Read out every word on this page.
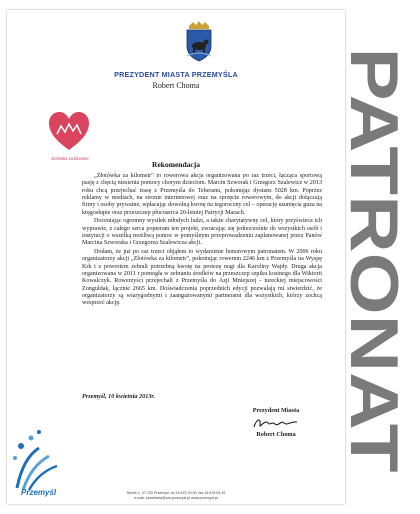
PREZYDENT MIASTA PRZEMYŚLA
Robert Choma
złotówka za kilometr
Rekomendacja

„Złotówka za kilometr" to rowerowa akcja organizowana po raz trzeci, łącząca sportową pasję z chęcią niesienia pomocy chorym dzieciom. Marcin Szworak i Grzegorz Szalewicz w 2013 roku chcą przejechać trasę z Przemyśla do Teheranu, pokonując dystans 5028 km. Poprzez reklamy w mediach, na stronie internetowej oraz na sprzęcie rowerowym, do akcji dołączają firmy i osoby prywatne, wpłacając dowolną kwotę na tegoroczny cel – operację usunięcia guza na kręgosłupie oraz przeszczep płucoserca 20-letniej Patrycji Marach.

Doceniając ogromny wysiłek młodych ludzi, a także charytatywny cel, który przyświeca ich wyprawie, z całego serca popieram ten projekt, zwracając się jednocześnie do wszystkich osób i instytucji o wszelką możliwą pomoc w pomyślnym przeprowadzeniu zaplanowanej przez Panów Marcina Szworaka i Grzegorza Szalewicza akcji.

Dodam, że już po raz trzeci objąłem to wydarzenie honorowym patronatem. W 2006 roku organizatorzy akcji „Złotówka za kilometr", pokonując rowerem 2246 km z Przemyśla na Wyspę Krk i z powrotem zebrali potrzebną kwotę na protezę nogi dla Karoliny Wajdy. Druga akcja organizowana w 2011 r pomogła w zebraniu środków na przeszczep szpiku kostnego dla Wiktorii Kowalczyk. Rowerzyści przejechali z Przemyśla do Azji Mniejszej - tureckiej miejscowości Zonguldak, łącznie 2665 km. Doświadczenia poprzednich edycji pozwalają mi stwierdzić, że organizatorzy są wiarygodnymi i zaangażowanymi partnerami dla wszystkich, którzy zechcą wesprzeć akcję.

Przemyśl, 10 kwietnia 2013r.
Prezydent Miasta
Robert Choma
Przemyśl	Rynek 1, 37-700 Przemyśl, tel.16 675 20 00, fax.16 678 64 49
e-mail: kancelaria@um.przemysl.pl www.przemysl.pl
PATRONAT
